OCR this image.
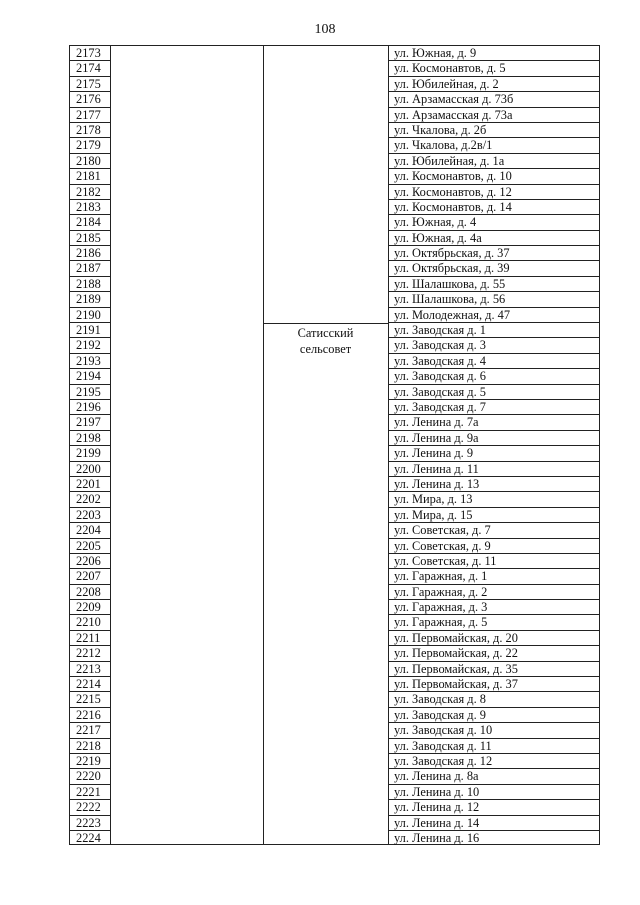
108
2173
2174
2175
2176
2177
2178
2179
2180
2181
2182
2183
2184
2185
2186
2187
2188
2189
2190
2191
2192
2193
2194
2195
2196
2197
2198
2199
2200
2201
2202
2203
2204
2205
2206
2207
2208
2209
2210
2211
2212
2213
2214
2215
2216
2217
2218
2219
2220
2221
2222
2223
2224
Сатисский
сельсовет
ул. Южная, д. 9
ул. Космонавтов, д. 5
ул. Юбилейная, д. 2
ул. Арзамасская д. 73б
ул. Арзамасская д. 73а
ул. Чкалова, д. 2б
ул. Чкалова, д.2в/1
ул. Юбилейная, д. 1а
ул. Космонавтов, д. 10
ул. Космонавтов, д. 12
ул. Космонавтов, д. 14
ул. Южная, д. 4
ул. Южная, д. 4а
ул. Октябрьская, д. 37
ул. Октябрьская, д. 39
ул. Шалашкова, д. 55
ул. Шалашкова, д. 56
ул. Молодежная, д. 47
ул. Заводская д. 1
ул. Заводская д. 3
ул. Заводская д. 4
ул. Заводская д. 6
ул. Заводская д. 5
ул. Заводская д. 7
ул. Ленина д. 7а
ул. Ленина д. 9а
ул. Ленина д. 9
ул. Ленина д. 11
ул. Ленина д. 13
ул. Мира, д. 13
ул. Мира, д. 15
ул. Советская, д. 7
ул. Советская, д. 9
ул. Советская, д. 11
ул. Гаражная, д. 1
ул. Гаражная, д. 2
ул. Гаражная, д. 3
ул. Гаражная, д. 5
ул. Первомайская, д. 20
ул. Первомайская, д. 22
ул. Первомайская, д. 35
ул. Первомайская, д. 37
ул. Заводская д. 8
ул. Заводская д. 9
ул. Заводская д. 10
ул. Заводская д. 11
ул. Заводская д. 12
ул. Ленина д. 8а
ул. Ленина д. 10
ул. Ленина д. 12
ул. Ленина д. 14
ул. Ленина д. 16
